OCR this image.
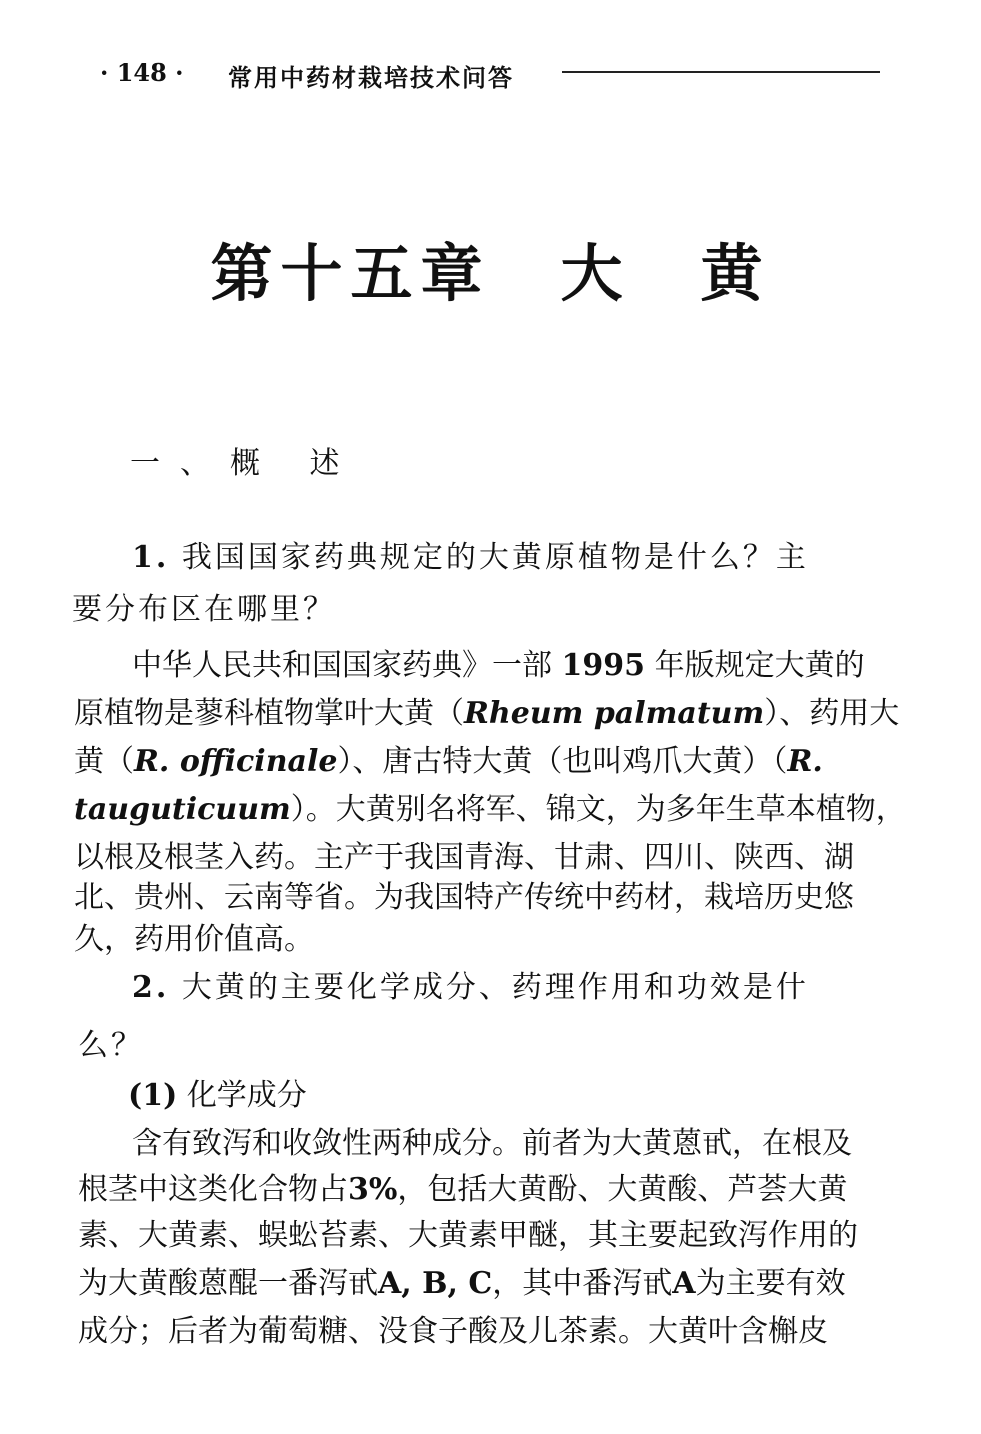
· 148 · 常用中药材栽培技术问答
第十五章　大　黄
一、概 述
1. 我国国家药典规定的大黄原植物是什么？主
要分布区在哪里？
中华人民共和国国家药典》一部 1995 年版规定大黄的
原植物是蓼科植物掌叶大黄（Rheum palmatum）、药用大
黄（R. officinale）、唐古特大黄（也叫鸡爪大黄）（R.
tauguticuum）。大黄别名将军、锦文，为多年生草本植物，
以根及根茎入药。主产于我国青海、甘肃、四川、陕西、湖
北、贵州、云南等省。为我国特产传统中药材，栽培历史悠
久，药用价值高。
2. 大黄的主要化学成分、药理作用和功效是什
么？
(1) 化学成分
含有致泻和收敛性两种成分。前者为大黄蒽甙，在根及
根茎中这类化合物占3%，包括大黄酚、大黄酸、芦荟大黄
素、大黄素、蜈蚣苔素、大黄素甲醚，其主要起致泻作用的
为大黄酸蒽醌一番泻甙A, B, C，其中番泻甙A为主要有效
成分；后者为葡萄糖、没食子酸及儿茶素。大黄叶含槲皮
